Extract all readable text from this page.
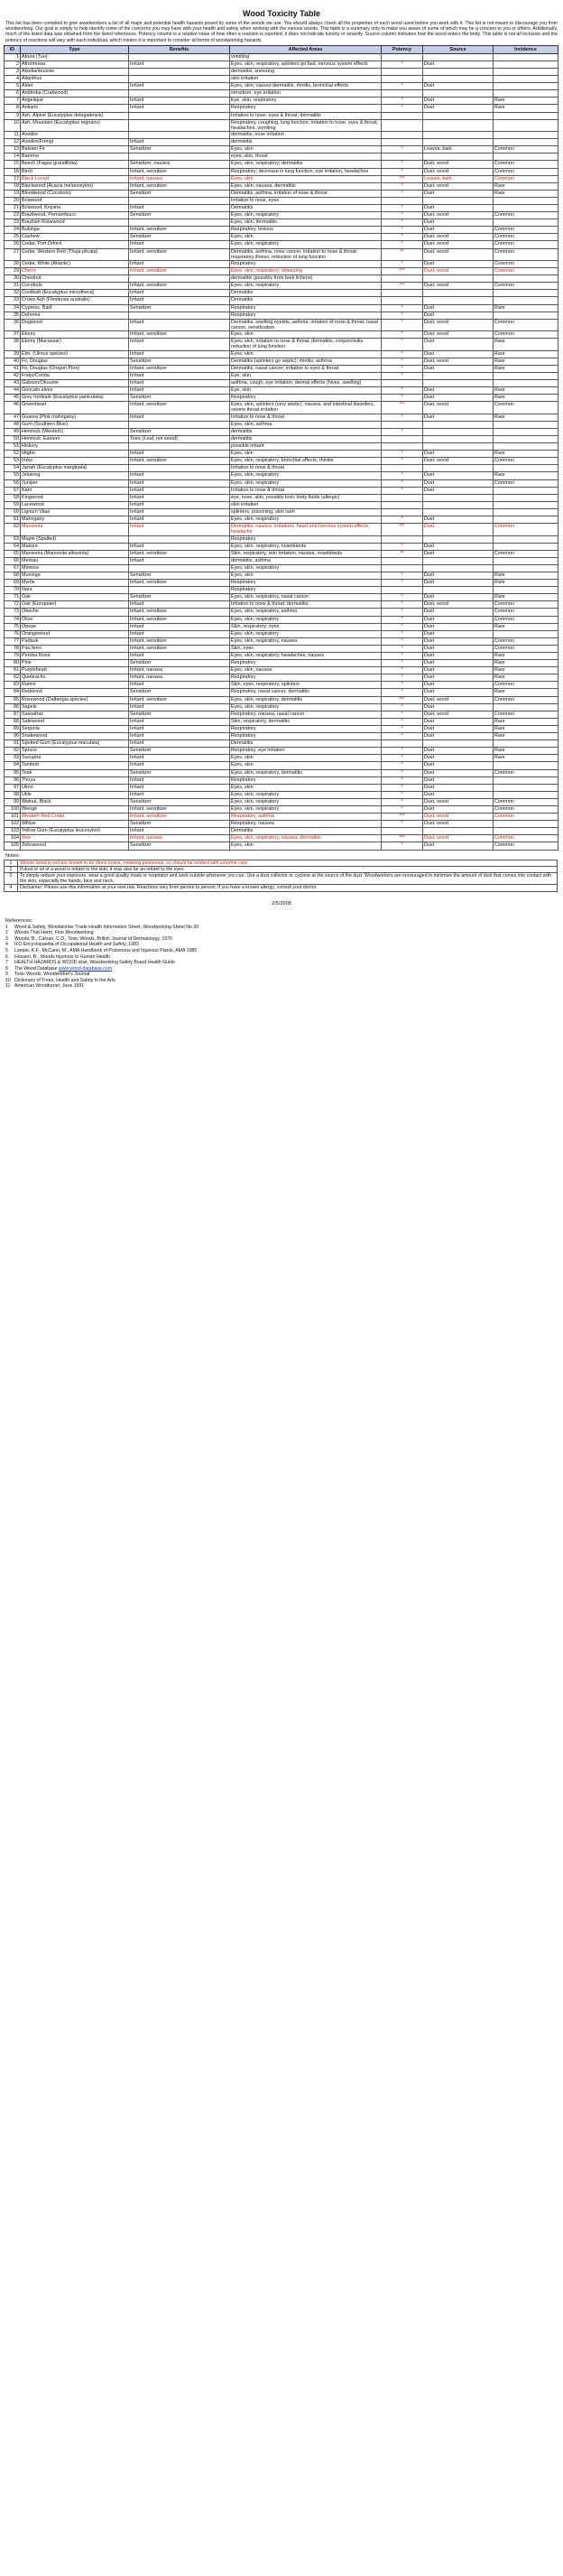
Wood Toxicity Table
This list has been compiled to give woodworkers a list of all major and potential health hazards posed by some of the woods we use. You should always check all the properties of each wood used before you work with it. This list is not meant to discourage you from woodworking. Our goal is simply to help identify some of the concerns you may have with your health and safety when working with the various woods. This table is a summary only to make you aware of some of which may be a concern to you or others. Additionally, much of the listed data was obtained from the listed references. Potency column is a relative value of how often a reaction is reported; it does not indicate toxicity or severity. Source column indicates how the wood enters the body. This table is not all inclusive and the potency of reactions will vary with each individual, which means it is important to consider all forms of woodworking hazards.
ID	Type	Benefits	Affected Areas	Potency	Source	Incidence
1	Abura (Tuo)		vomiting			
2	Afrormosia	Irritant	Eyes, skin, respiratory, splinters go bad, nervous system effects	*	Dust	
3	Afzelia/doussie		dermatitis, sneezing			
4	Ailanthus		skin irritation			
5	Alder	Irritant	Eyes, skin; causes dermatitis, rhinitis, bronchial effects	*	Dust	
6	Andiroba (Crabwood)		sensitizer, eye irritation			
7	Angelique	Irritant	Eye, skin, respiratory	*	Dust	Rare
8	Antiaris	Irritant	Respiratory	*	Dust	Rare
9	Ash, Alpine (Eucalyptus delegatensis)		Irritation to nose, eyes & throat; dermatitis			
10	Ash, Mountain (Eucalyptus regnans)		Respiratory, coughing, lung function, irritation to nose, eyes & throat, headaches, vomiting			
11	Avodire		dermatitis, nose irritation			
12	Avodire/Frengi	Irritant	dermatitis			
13	Balsam Fir	Sensitizer	Eyes, skin	*	Leaves, bark	Common
14	Baroma		eyes, skin, throat			
15	Beech (Fagus grandifolia)	Sensitizer, nausea	Eyes, skin, respiratory; dermatitis	*	Dust, wood	Common
16	Birch	Irritant, sensitizer	Respiratory; decrease in lung function, eye irritation, headaches	*	Dust, wood	Common
17	Black Locust	Irritant, nausea	Eyes, skin	***	Leaves, bark	Common
18	Blackwood (Acacia melanoxylon)	Irritant, sensitizer	Eyes, skin; nausea, dermatitis	*	Dust, wood	Rare
19	Bloodwood (Cocobolo)	Sensitizer	Dermatitis, asthma, irritation of nose & throat	*	Dust	Rare
20	Boxwood		Irritation to nose, eyes			
21	Boxwood, Knysna	Irritant	Dermatitis	*	Dust	
22	Brazilwood, Pernambuco	Sensitizer	Eyes, skin, respiratory	*	Dust, wood	Common
23	Brazilian Rosewood		Eyes, skin, dermatitis	*	Dust	
24	Bubinga	Irritant, sensitizer	Respiratory, lesions	*	Dust	Common
25	Cashew	Sensitizer	Eyes, skin	*	Dust, wood	Common
26	Cedar, Port Orford	Irritant	Eyes, skin, respiratory	*	Dust, wood	Common
27	Cedar, Western Red (Thuja plicata)	Irritant, sensitizer	Dermatitis, asthma, nose cancer, irritation to nose & throat; respiratory illness, reduction of lung function	**	Dust, wood	Common
28	Cedar, White (Atlantic)	Irritant	Respiratory	*	Dust	Common
29	Cherry	Irritant, sensitizer	Eyes, skin, respiratory; wheezing	***	Dust, wood	Common
30	Chestnut		dermatitis (possibly from bark lichens)			
31	Cocobolo	Irritant, sensitizer	Eyes, skin, respiratory	***	Dust, wood	Common
32	Coolibah (Eucalyptus microtheca)	Irritant	Dermatitis			
33	Crows Ash (Flindersia australis)	Irritant	Dermatitis			
34	Cypress, Bald	Sensitizer	Respiratory	*	Dust	Rare
35	Dahoma		Respiratory	*	Dust	
36	Dogwood	Irritant	Dermatitis, swelling eyelids, asthma, irritation of nose & throat, nasal cancer, sensitization	*	Dust, wood	Common
37	Ebony	Irritant, sensitizer	Eyes, skin	*	Dust, wood	Common
38	Ebony (Macassar)	Irritant	Eyes, skin, irritation to nose & throat; dermatitis, conjunctivitis, reduction of lung function	*	Dust	Rare
39	Elm, (Ulmus species)	Irritant	Eyes, skin	*	Dust	Rare
40	Fir, Douglas	Sensitizer	Dermatitis (splinters go septic); rhinitis, asthma	*	Dust, wood	Rare
41	Fir, Douglas (Oregon Pine)	Irritant, sensitizer	Dermatitis, nasal cancer; irritation to eyes & throat	*	Dust	Rare
42	Freijo/Cordia	Irritant	Eye, skin	*		
43	Gaboon/Okoume	Irritant	asthma, cough, eye irritation; dermal effects (hives, swelling)			
44	Goncalo alves	Irritant	Eye, skin	*	Dust	Rare
45	Grey Ironbark (Eucalyptus paniculata)	Sensitizer	Respiratory	*	Dust	Rare
46	Greenheart	Irritant, sensitizer	Eyes, skin, splinters (very septic), nausea, and intestinal disorders, severe throat irritation	***	Dust, wood	Common
47	Guarea (Pink mahogany)	Irritant	Irritation to nose & throat	*	Dust	Rare
48	Gum (Southern Blue)		Eyes, skin, asthma			
49	Hemlock (Western)	Sensitizer	dermatitis	*		
50	Hemlock, Eastern	Toxic (Leaf, not wood)	dermatitis			
51	Hickory		possible irritant			
52	Idigbo	Irritant	Eyes, skin	*	Dust	Rare
53	Iroko	Irritant, sensitizer	Eyes, skin, respiratory, bronchial effects, rhinitis	*	Dust, wood	Common
54	Jarrah (Eucalyptus marginata)		Irritation to nose & throat			
55	Jelutong	Irritant	Eyes, skin, respiratory	*	Dust	Rare
56	Juniper	Irritant	Eyes, skin, respiratory	*	Dust	Common
57	Karri	Irritant	Irritation to nose & throat	*	Dust	
58	Kingwood	Irritant	eye, nose, skin, possibly toxic body fluids (allergic)			
59	Lacewood	Irritant	skin irritation			
60	Lignum Vitae	Irritant	splinters, poisoning, skin rash			
61	Mahogany	Irritant	Eyes, skin, respiratory	*	Dust	
62	Mansonia	Irritant	Dermatitis, nausea, irritations, heart and nervous system effects, headache	***	Dust	Common
63	Maple (Spalted)		Respiratory			
64	Makore	Irritant	Eyes, skin, respiratory, nosebleeds	*	Dust	
65	Mansonia (Mansonia altissima)	Irritant, sensitizer	Skin, respiratory, skin irritation, nausea, nosebleeds	**	Dust	Common
66	Merbau	Irritant	dermatitis, asthma			
67	Mimosa		Eyes, skin, respiratory			
68	Muninga	Sensitizer	Eyes, skin	*	Dust	Rare
69	Myrtle	Irritant, sensitizer	Respiratory	*	Dust	Rare
70	Nara		Respiratory			
71	Oak	Sensitizer	Eyes, skin, respiratory, nasal cancer	*	Dust	Rare
72	Oak (European)	Irritant	Irritation to nose & throat; dermatitis	*	Dust, wood	Common
73	Obeche	Irritant, sensitizer	Eyes, skin, respiratory, asthma	*	Dust	Common
74	Olive	Irritant, sensitizer	Eyes, skin, respiratory	*	Dust	Common
75	Opepe	Irritant	Skin, respiratory; eyes	*	Dust	Rare
76	Orangewood	Irritant	Eyes, skin, respiratory	*	Dust	
77	Padauk	Irritant, sensitizer	Eyes, skin, respiratory, nausea	*	Dust	Common
78	Pau ferro	Irritant, sensitizer	Skin, eyes	*	Dust	Common
79	Peroba Rosa	Irritant	Eyes, skin, respiratory; headaches, nausea	*	Dust	Rare
80	Pine	Sensitizer	Respiratory	*	Dust	Rare
81	Purpleheart	Irritant, nausea	Eyes, skin, nausea	*	Dust	Rare
82	Quebracho	Irritant, nausea	Respiratory	*	Dust	Rare
83	Ramin	Irritant	Skin, eyes, respiratory, splinters	*	Dust	Common
84	Redwood	Sensitizer	Respiratory, nasal cancer, dermatitis	*	Dust	Rare
85	Rosewood (Dalbergia species)	Irritant, sensitizer	Eyes, skin, respiratory, dermatitis	***	Dust, wood	Common
86	Sapele	Irritant	Eyes, skin, respiratory	*	Dust	
87	Sassafras	Sensitizer	Respiratory, nausea, nasal cancer	*	Dust, wood	Common
88	Satinwood	Irritant	Skin, respiratory, dermatitis	*	Dust	Rare
89	Sequoia	Irritant	Respiratory	*	Dust	Rare
90	Snakewood	Irritant	Respiratory	*	Dust	Rare
91	Spotted Gum (Eucalyptus maculata)	Irritant	Dermatitis			
92	Spruce	Sensitizer	Respiratory, eye irritation	*	Dust	Rare
93	Sucupira	Irritant	Eyes, skin	*	Dust	Rare
94	Tamboti	Irritant	Eyes, skin	*	Dust	
95	Teak	Sensitizer	Eyes, skin, respiratory, dermatitis	*	Dust	Common
96	Thuya	Irritant	Respiratory	*	Dust	
97	Ulmo	Irritant	Eyes, skin	*	Dust	
98	Utile	Irritant	Eyes, skin, respiratory	*	Dust	
99	Walnut, Black	Sensitizer	Eyes, skin, respiratory	*	Dust, wood	Common
100	Wenge	Irritant, sensitizer	Eyes, skin, respiratory	*	Dust	Common
101	Western Red Cedar	Irritant, sensitizer	Respiratory, asthma	***	Dust, wood	Common
102	Willow	Sensitizer	Respiratory, nausea	*	Dust, wood	
103	Yellow Gum (Eucalyptus leucoxylon)	Irritant	Dermatitis			
104	Yew	Irritant, nausea	Eyes, skin, respiratory, nausea, dermatitis	***	Dust, wood	Common
105	Zebrawood	Sensitizer	Eyes, skin	*	Dust	Common
Notes:
1	Woods listed in red are known to be direct toxins, meaning poisonous, so should be worked with extreme care.
2	If dust or oil of a wood is irritant to the skin, it may also be an irritant to the eyes.
3	To simply reduce your exposure, wear a good quality mask or respirator and work outside whenever you can. Use a dust collector or cyclone at the source of the dust. Woodworkers are encouraged to minimize the amount of dust that comes into contact with the skin, especially the hands, face and neck.
4	Disclaimer: Please use this information at your own risk. Reactions vary from person to person; if you have a known allergy, consult your doctor.
2/5/2008
References:
1	Wood & Safety, Woodworker Trade Health Information Sheet, Woodworking Sheet No 30
2	Woods That Harm, Fine Woodworking
3	Woods, B., Calnan, C.D., Toxic Woods, British Journal of Dermatology, 1976
4	ILO Encyclopaedia of Occupational Health and Safety, 1983
5	Lampe, K.F., McCann, M., AMA Handbook of Poisonous and Injurious Plants, AMA 1985
6	Hausen, B., Woods Injurious to Human Health
7	HEALTH HAZARDS & WOOD dust, Woodworking Safety Board Health Guide
8	The Wood Database
www.wood-database.com
9	Toxic Woods, Woodworker's Journal
10 Dictionary of Trees, Health and Safety in the Arts
11 American Woodturner, June 1991
